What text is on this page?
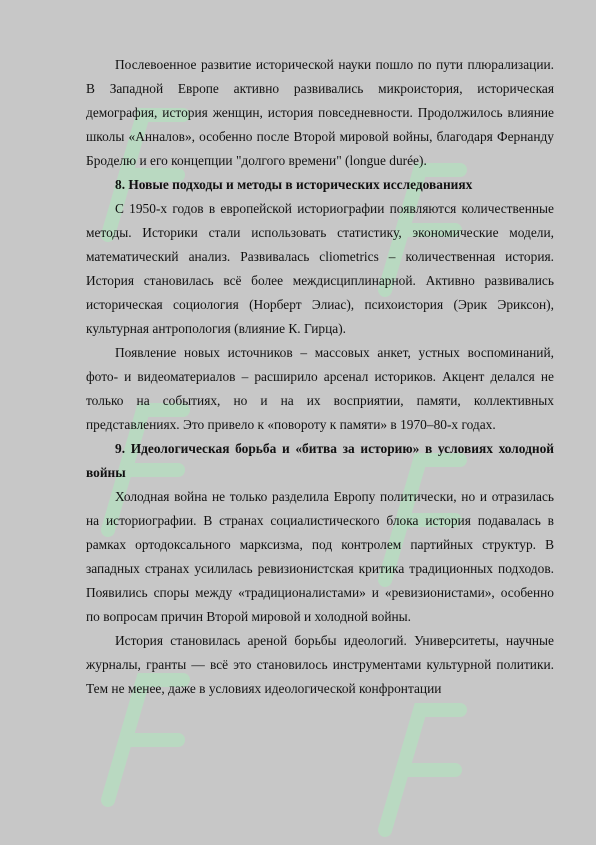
Послевоенное развитие исторической науки пошло по пути плюрализации. В Западной Европе активно развивались микроистория, историческая демография, история женщин, история повседневности. Продолжилось влияние школы «Анналов», особенно после Второй мировой войны, благодаря Фернанду Броделю и его концепции "долгого времени" (longue durée).

8. Новые подходы и методы в исторических исследованиях

С 1950-х годов в европейской историографии появляются количественные методы. Историки стали использовать статистику, экономические модели, математический анализ. Развивалась cliometrics – количественная история. История становилась всё более междисциплинарной. Активно развивались историческая социология (Норберт Элиас), психоистория (Эрик Эриксон), культурная антропология (влияние К. Гирца).

Появление новых источников – массовых анкет, устных воспоминаний, фото- и видеоматериалов – расширило арсенал историков. Акцент делался не только на событиях, но и на их восприятии, памяти, коллективных представлениях. Это привело к «повороту к памяти» в 1970–80-х годах.

9. Идеологическая борьба и «битва за историю» в условиях холодной войны

Холодная война не только разделила Европу политически, но и отразилась на историографии. В странах социалистического блока история подавалась в рамках ортодоксального марксизма, под контролем партийных структур. В западных странах усилилась ревизионистская критика традиционных подходов. Появились споры между «традиционалистами» и «ревизионистами», особенно по вопросам причин Второй мировой и холодной войны.

История становилась ареной борьбы идеологий. Университеты, научные журналы, гранты — всё это становилось инструментами культурной политики. Тем не менее, даже в условиях идеологической конфронтации
